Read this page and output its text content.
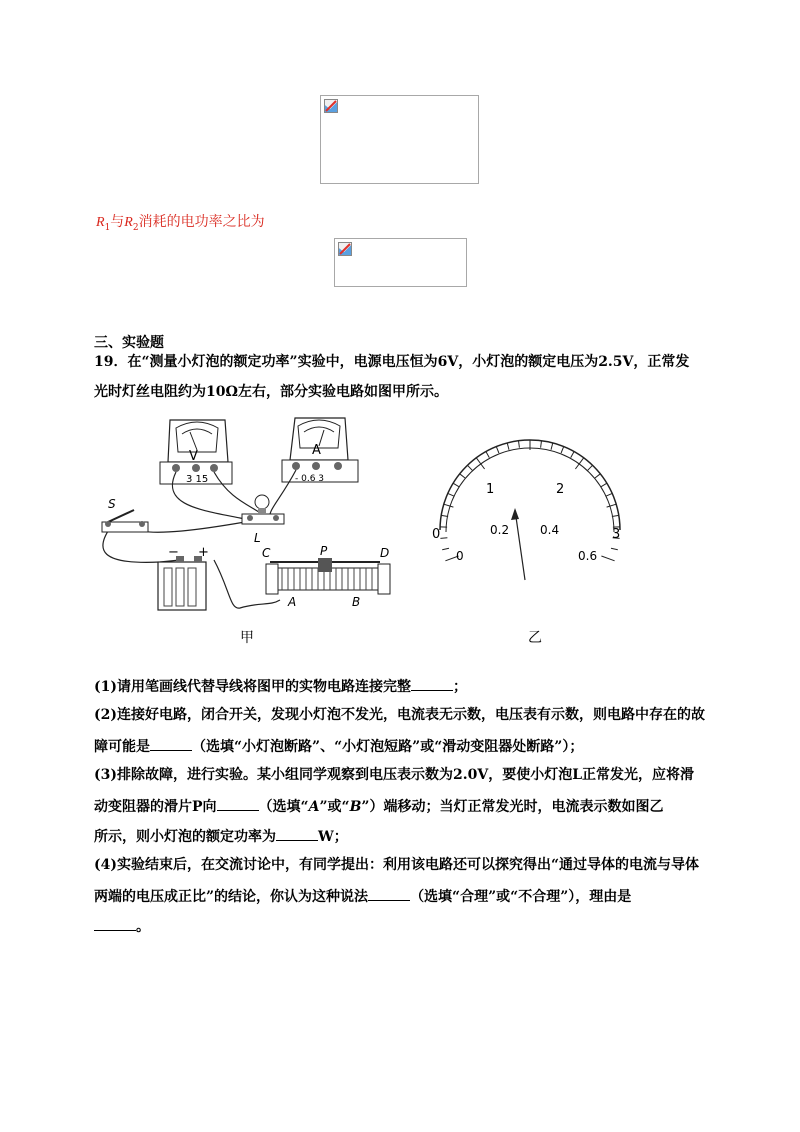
$R_1$与$R_2$消耗的电功率之比为
三、实验题
19．在“测量小灯泡的额定功率”实验中，电源电压恒为6V，小灯泡的额定电压为2.5V，正常发
光时灯丝电阻约为10Ω左右，部分实验电路如图甲所示。
V
3 15
A
- 0.6 3
S
L
− +	C	P	D
A	B
甲
0
1	2
3
0
0.2	0.4
0.6
乙
(1)请用笔画线代替导线将图甲的实物电路连接完整	；
(2)连接好电路，闭合开关，发现小灯泡不发光，电流表无示数，电压表有示数，则电路中存在的故
障可能是	（选填“小灯泡断路”、“小灯泡短路”或“滑动变阻器处断路”）；
(3)排除故障，进行实验。某小组同学观察到电压表示数为2.0V，要使小灯泡L正常发光，应将滑
动变阻器的滑片P向	（选填“A”或“B”）端移动；当灯正常发光时，电流表示数如图乙
所示，则小灯泡的额定功率为	W；
(4)实验结束后，在交流讨论中，有同学提出：利用该电路还可以探究得出“通过导体的电流与导体
两端的电压成正比”的结论，你认为这种说法	（选填“合理”或“不合理”），理由是
。
